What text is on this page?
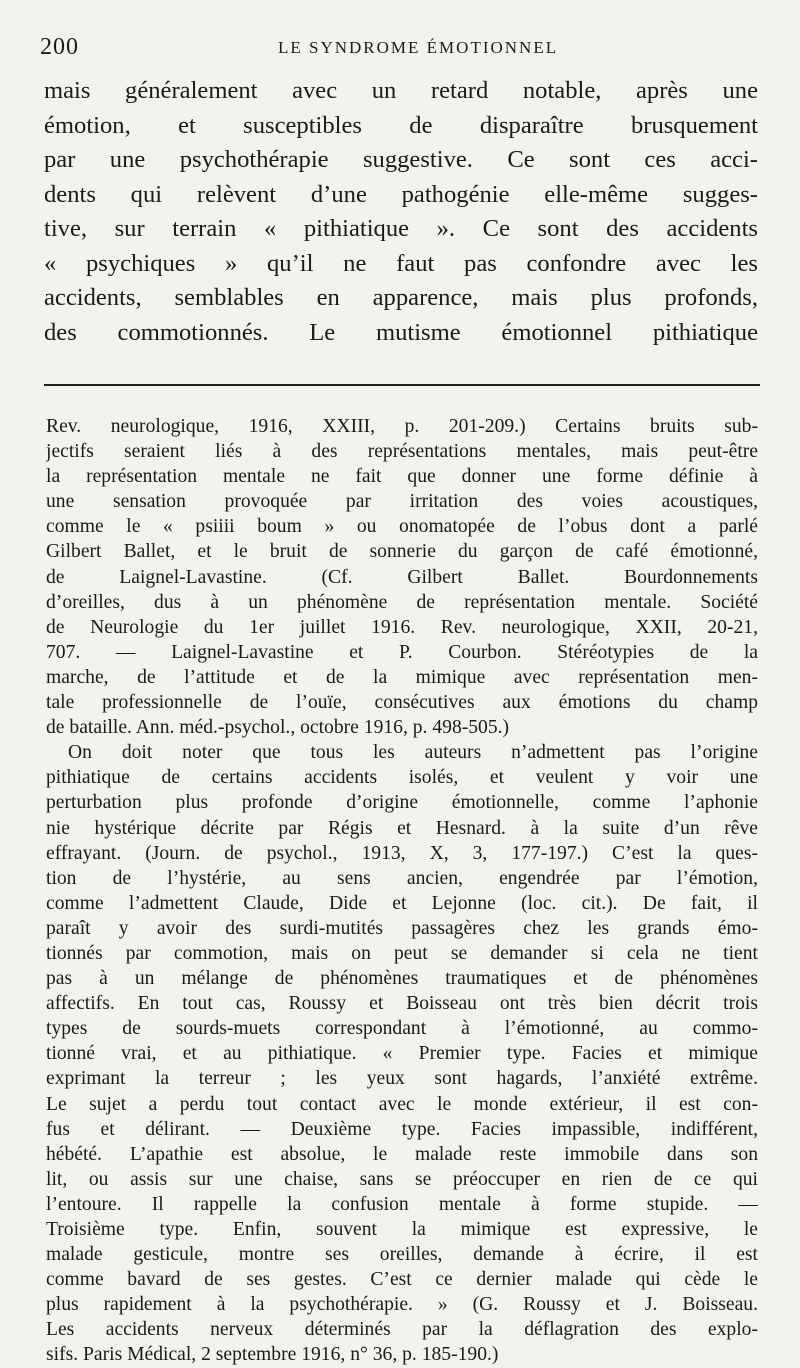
200	LE SYNDROME ÉMOTIONNEL
mais généralement avec un retard notable, après une
émotion, et susceptibles de disparaître brusquement
par une psychothérapie suggestive. Ce sont ces acci-
dents qui relèvent d’une pathogénie elle-même sugges-
tive, sur terrain « pithiatique ». Ce sont des accidents
« psychiques » qu’il ne faut pas confondre avec les
accidents, semblables en apparence, mais plus profonds,
des commotionnés. Le mutisme émotionnel pithiatique
Rev. neurologique, 1916, XXIII, p. 201-209.) Certains bruits sub-
jectifs seraient liés à des représentations mentales, mais peut-être
la représentation mentale ne fait que donner une forme définie à
une sensation provoquée par irritation des voies acoustiques,
comme le « psiiii boum » ou onomatopée de l’obus dont a parlé
Gilbert Ballet, et le bruit de sonnerie du garçon de café émotionné,
de Laignel-Lavastine. (Cf. Gilbert Ballet. Bourdonnements
d’oreilles, dus à un phénomène de représentation mentale. Société
de Neurologie du 1er juillet 1916. Rev. neurologique, XXII, 20-21,
707. — Laignel-Lavastine et P. Courbon. Stéréotypies de la
marche, de l’attitude et de la mimique avec représentation men-
tale professionnelle de l’ouïe, consécutives aux émotions du champ
de bataille. Ann. méd.-psychol., octobre 1916, p. 498-505.)
On doit noter que tous les auteurs n’admettent pas l’origine
pithiatique de certains accidents isolés, et veulent y voir une
perturbation plus profonde d’origine émotionnelle, comme l’aphonie
nie hystérique décrite par Régis et Hesnard. à la suite d’un rêve
effrayant. (Journ. de psychol., 1913, X, 3, 177-197.) C’est la ques-
tion de l’hystérie, au sens ancien, engendrée par l’émotion,
comme l’admettent Claude, Dide et Lejonne (loc. cit.). De fait, il
paraît y avoir des surdi-mutités passagères chez les grands émo-
tionnés par commotion, mais on peut se demander si cela ne tient
pas à un mélange de phénomènes traumatiques et de phénomènes
affectifs. En tout cas, Roussy et Boisseau ont très bien décrit trois
types de sourds-muets correspondant à l’émotionné, au commo-
tionné vrai, et au pithiatique. « Premier type. Facies et mimique
exprimant la terreur ; les yeux sont hagards, l’anxiété extrême.
Le sujet a perdu tout contact avec le monde extérieur, il est con-
fus et délirant. — Deuxième type. Facies impassible, indifférent,
hébété. L’apathie est absolue, le malade reste immobile dans son
lit, ou assis sur une chaise, sans se préoccuper en rien de ce qui
l’entoure. Il rappelle la confusion mentale à forme stupide. —
Troisième type. Enfin, souvent la mimique est expressive, le
malade gesticule, montre ses oreilles, demande à écrire, il est
comme bavard de ses gestes. C’est ce dernier malade qui cède le
plus rapidement à la psychothérapie. » (G. Roussy et J. Boisseau.
Les accidents nerveux déterminés par la déflagration des explo-
sifs. Paris Médical, 2 septembre 1916, n° 36, p. 185-190.)
